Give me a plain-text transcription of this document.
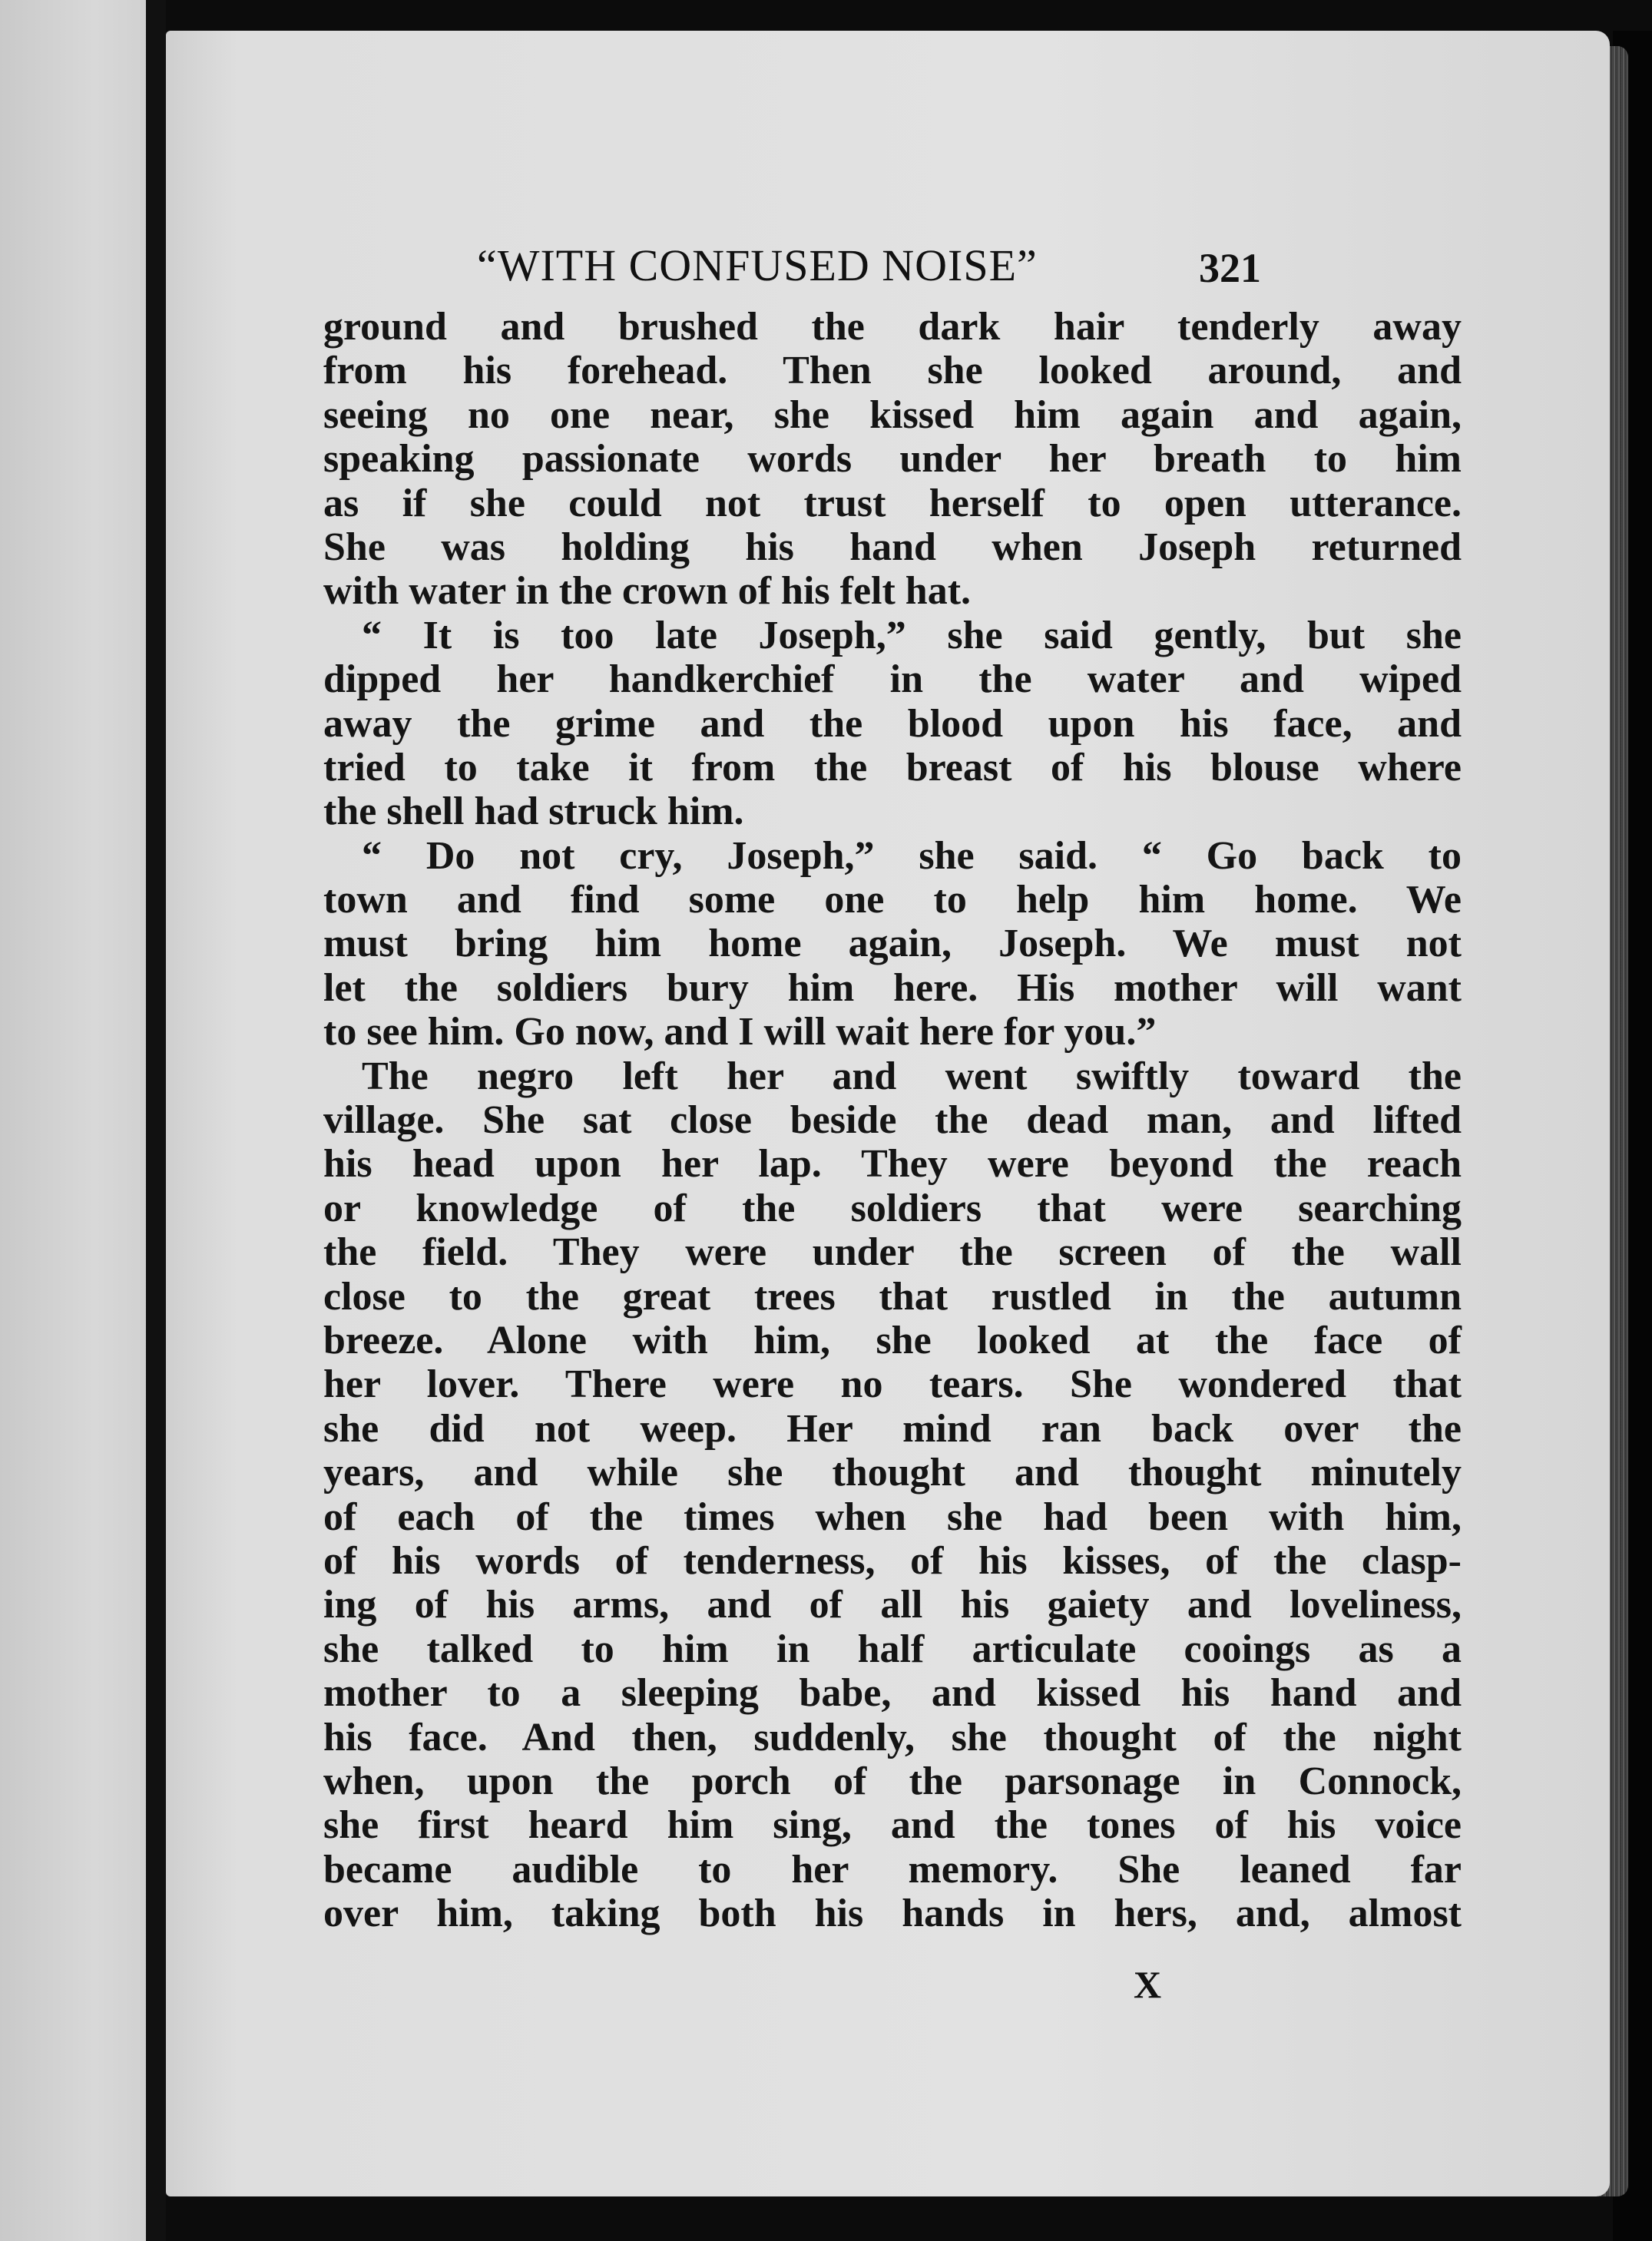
“WITH CONFUSED NOISE”	321
ground and brushed the dark hair tenderly away
from his forehead. Then she looked around, and
seeing no one near, she kissed him again and again,
speaking passionate words under her breath to him
as if she could not trust herself to open utterance.
She was holding his hand when Joseph returned
with water in the crown of his felt hat.
“ It is too late Joseph,” she said gently, but she
dipped her handkerchief in the water and wiped
away the grime and the blood upon his face, and
tried to take it from the breast of his blouse where
the shell had struck him.
“ Do not cry, Joseph,” she said. “ Go back to
town and find some one to help him home. We
must bring him home again, Joseph. We must not
let the soldiers bury him here. His mother will want
to see him. Go now, and I will wait here for you.”
The negro left her and went swiftly toward the
village. She sat close beside the dead man, and lifted
his head upon her lap. They were beyond the reach
or knowledge of the soldiers that were searching
the field. They were under the screen of the wall
close to the great trees that rustled in the autumn
breeze. Alone with him, she looked at the face of
her lover. There were no tears. She wondered that
she did not weep. Her mind ran back over the
years, and while she thought and thought minutely
of each of the times when she had been with him,
of his words of tenderness, of his kisses, of the clasp-
ing of his arms, and of all his gaiety and loveliness,
she talked to him in half articulate cooings as a
mother to a sleeping babe, and kissed his hand and
his face. And then, suddenly, she thought of the night
when, upon the porch of the parsonage in Connock,
she first heard him sing, and the tones of his voice
became audible to her memory. She leaned far
over him, taking both his hands in hers, and, almost
X
